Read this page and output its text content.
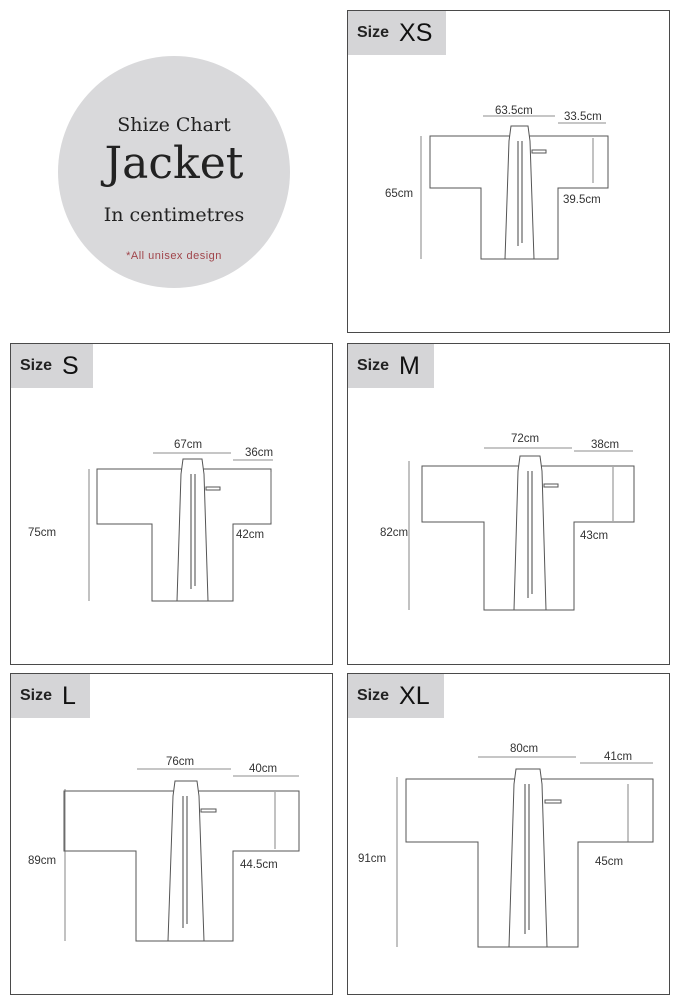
Shize Chart
Jacket
In centimetres
*All unisex design
Size XS
63.5cm	33.5cm
65cm	39.5cm
Size S
67cm
36cm
75cm	42cm
Size M
72cm	38cm
82cm	43cm
Size L
76cm
40cm
89cm	44.5cm
Size XL
80cm
41cm
91cm	45cm
